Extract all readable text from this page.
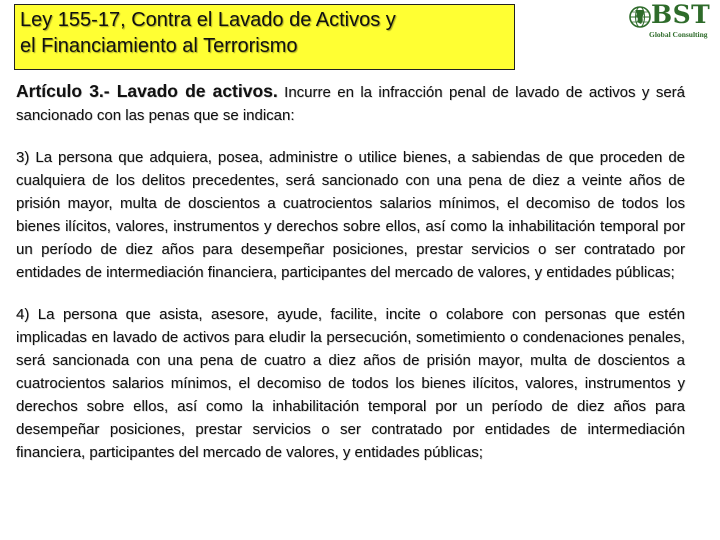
Ley 155-17, Contra el Lavado de Activos y
el Financiamiento al Terrorismo
BST
Global Consulting

Artículo 3.- Lavado de activos. Incurre en la infracción penal de lavado de activos y será sancionado con las penas que se indican:

3) La persona que adquiera, posea, administre o utilice bienes, a sabiendas de que proceden de cualquiera de los delitos precedentes, será sancionado con una pena de diez a veinte años de prisión mayor, multa de doscientos a cuatrocientos salarios mínimos, el decomiso de todos los bienes ilícitos, valores, instrumentos y derechos sobre ellos, así como la inhabilitación temporal por un período de diez años para desempeñar posiciones, prestar servicios o ser contratado por entidades de intermediación financiera, participantes del mercado de valores, y entidades públicas;

4) La persona que asista, asesore, ayude, facilite, incite o colabore con personas que estén implicadas en lavado de activos para eludir la persecución, sometimiento o condenaciones penales, será sancionada con una pena de cuatro a diez años de prisión mayor, multa de doscientos a cuatrocientos salarios mínimos, el decomiso de todos los bienes ilícitos, valores, instrumentos y derechos sobre ellos, así como la inhabilitación temporal por un período de diez años para desempeñar posiciones, prestar servicios o ser contratado por entidades de intermediación financiera, participantes del mercado de valores, y entidades públicas;
